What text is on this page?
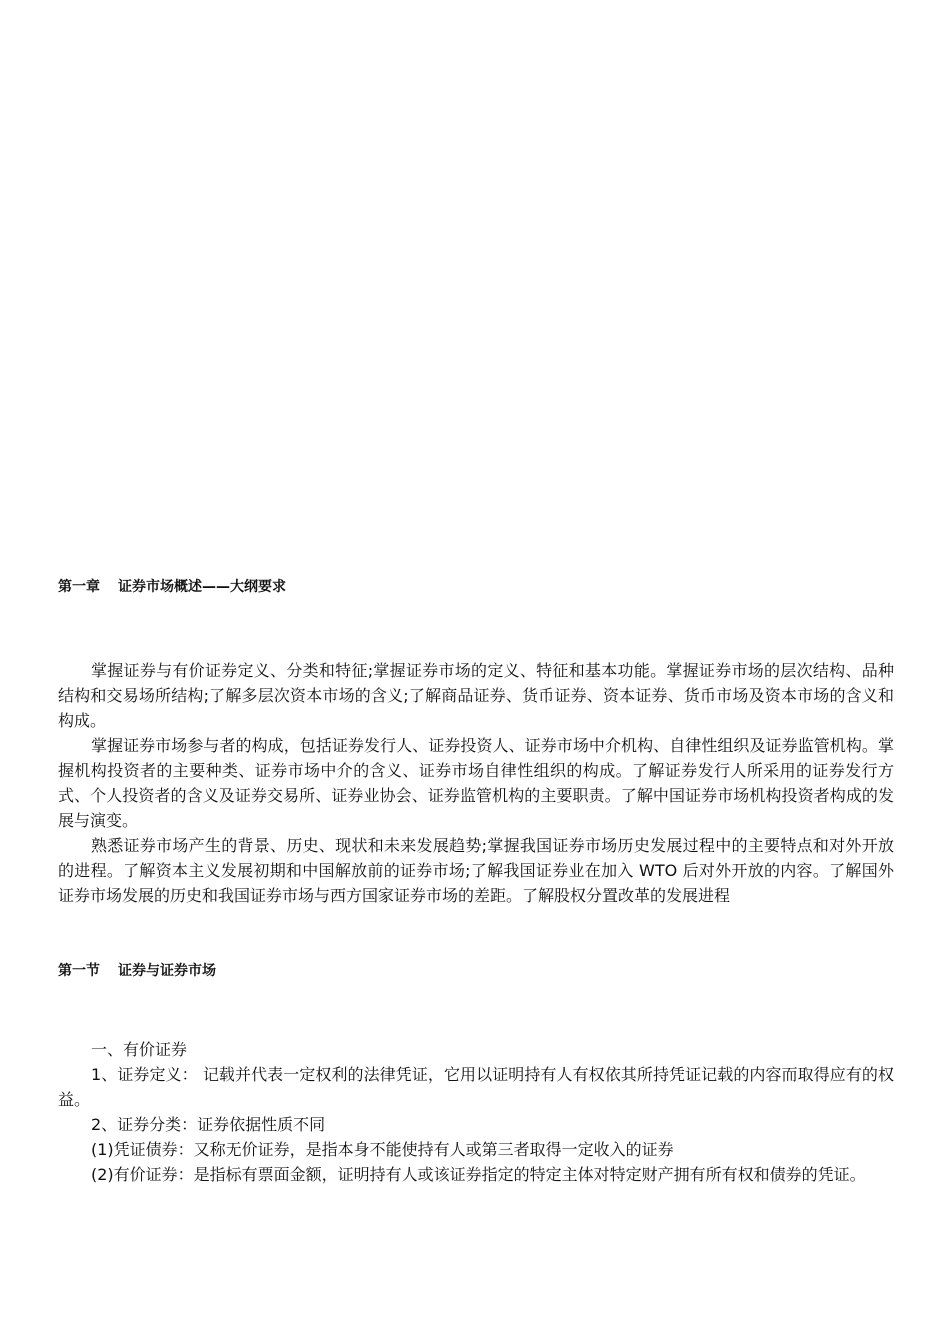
第一章 证券市场概述——大纲要求

掌握证券与有价证券定义、分类和特征;掌握证券市场的定义、特征和基本功能。掌握证券市场的层次结构、品种结构和交易场所结构;了解多层次资本市场的含义;了解商品证券、货币证券、资本证券、货币市场及资本市场的含义和构成。

掌握证券市场参与者的构成，包括证券发行人、证券投资人、证券市场中介机构、自律性组织及证券监管机构。掌握机构投资者的主要种类、证券市场中介的含义、证券市场自律性组织的构成。了解证券发行人所采用的证券发行方式、个人投资者的含义及证券交易所、证券业协会、证券监管机构的主要职责。了解中国证券市场机构投资者构成的发展与演变。

熟悉证券市场产生的背景、历史、现状和未来发展趋势;掌握我国证券市场历史发展过程中的主要特点和对外开放的进程。了解资本主义发展初期和中国解放前的证券市场;了解我国证券业在加入 WTO 后对外开放的内容。了解国外证券市场发展的历史和我国证券市场与西方国家证券市场的差距。了解股权分置改革的发展进程

第一节 证券与证券市场

一、有价证券

1、证券定义： 记载并代表一定权利的法律凭证，它用以证明持有人有权依其所持凭证记载的内容而取得应有的权益。

2、证券分类：证券依据性质不同

(1)凭证债券：又称无价证券，是指本身不能使持有人或第三者取得一定收入的证券

(2)有价证券：是指标有票面金额，证明持有人或该证券指定的特定主体对特定财产拥有所有权和债券的凭证。
